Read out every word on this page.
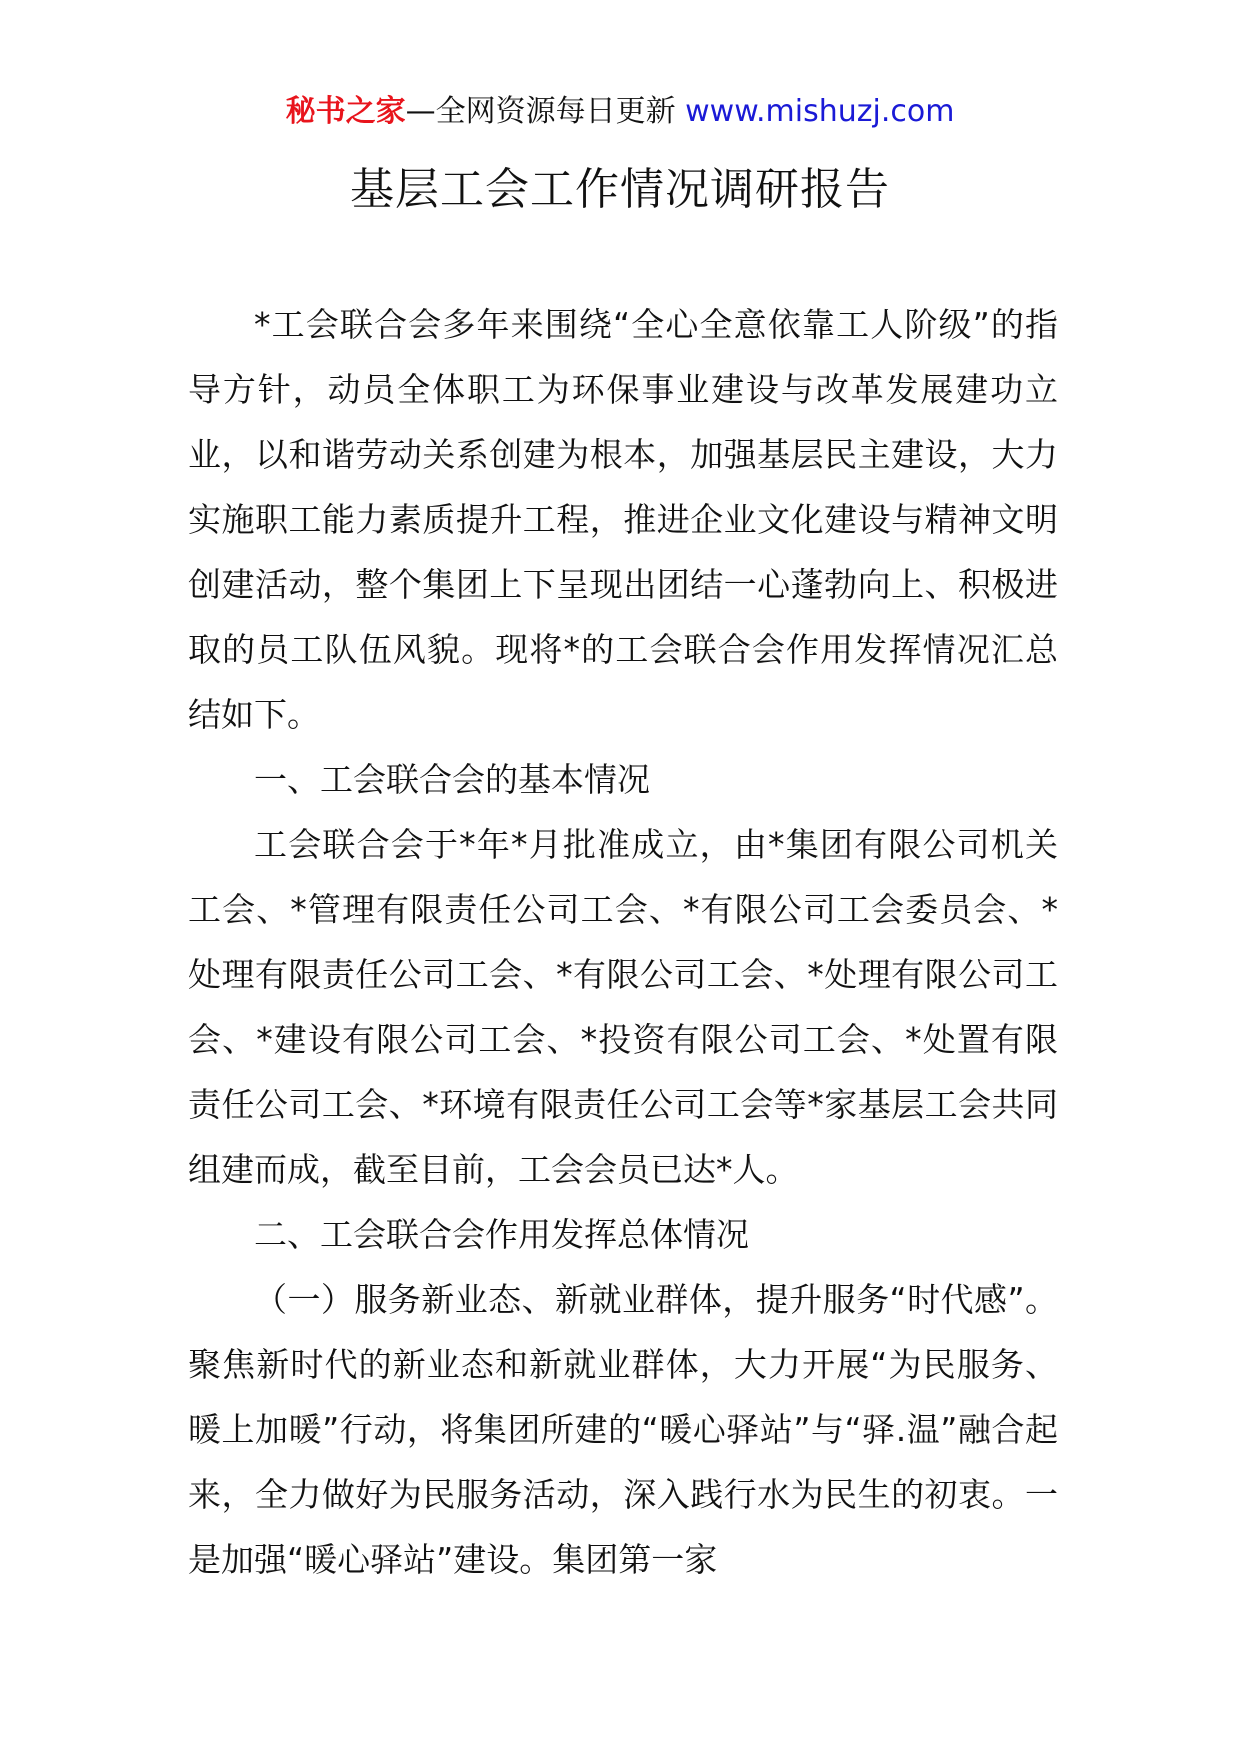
秘书之家—全网资源每日更新 www.mishuzj.com
基层工会工作情况调研报告

*工会联合会多年来围绕“全心全意依靠工人阶级”的指导方针，动员全体职工为环保事业建设与改革发展建功立业，以和谐劳动关系创建为根本，加强基层民主建设，大力实施职工能力素质提升工程，推进企业文化建设与精神文明创建活动，整个集团上下呈现出团结一心蓬勃向上、积极进取的员工队伍风貌。现将*的工会联合会作用发挥情况汇总结如下。

一、工会联合会的基本情况

工会联合会于*年*月批准成立，由*集团有限公司机关工会、*管理有限责任公司工会、*有限公司工会委员会、*处理有限责任公司工会、*有限公司工会、*处理有限公司工会、*建设有限公司工会、*投资有限公司工会、*处置有限责任公司工会、*环境有限责任公司工会等*家基层工会共同组建而成，截至目前，工会会员已达*人。

二、工会联合会作用发挥总体情况

（一）服务新业态、新就业群体，提升服务“时代感”。聚焦新时代的新业态和新就业群体，大力开展“为民服务、暖上加暖”行动，将集团所建的“暖心驿站”与“驿.温”融合起来，全力做好为民服务活动，深入践行水为民生的初衷。一是加强“暖心驿站”建设。集团第一家
